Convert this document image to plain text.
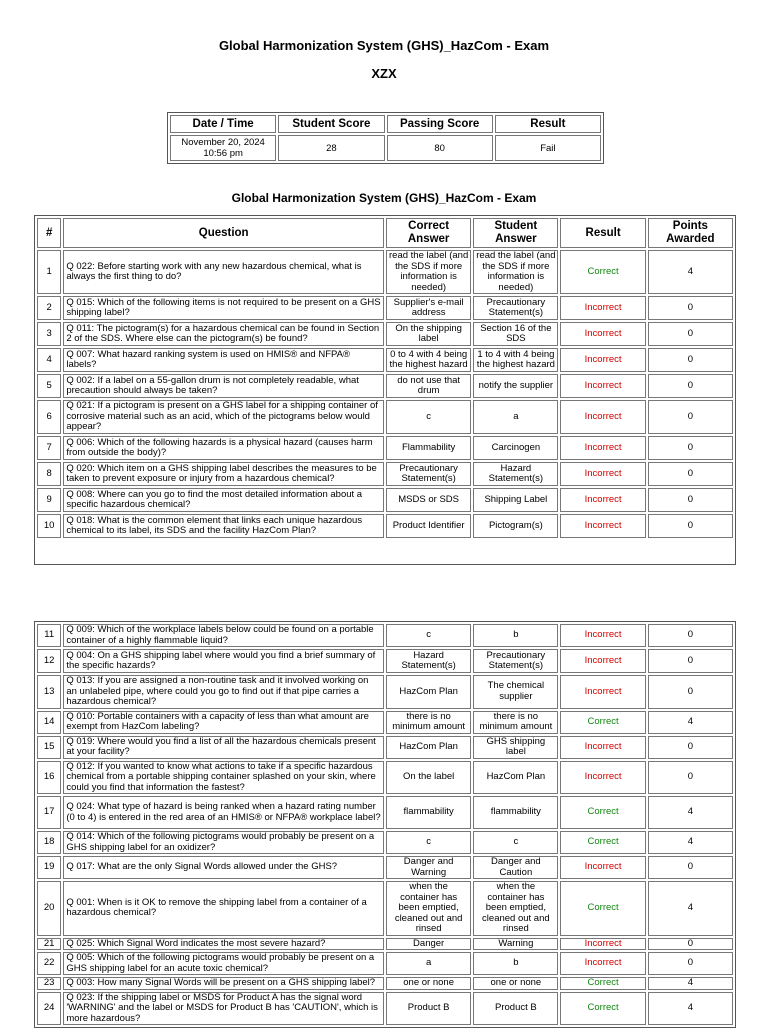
Global Harmonization System (GHS)_HazCom - Exam
XZX
Date / Time	Student Score	Passing Score	Result
November 20, 2024 10:56 pm	28	80	Fail
Global Harmonization System (GHS)_HazCom - Exam
#	Question	Correct Answer	Student Answer	Result	Points Awarded
1	Q 022: Before starting work with any new hazardous chemical, what is always the first thing to do?	read the label (and the SDS if more information is needed)	read the label (and the SDS if more information is needed)	Correct	4
2	Q 015: Which of the following items is not required to be present on a GHS shipping label?	Supplier's e-mail address	Precautionary Statement(s)	Incorrect	0
3	Q 011: The pictogram(s) for a hazardous chemical can be found in Section 2 of the SDS. Where else can the pictogram(s) be found?	On the shipping label	Section 16 of the SDS	Incorrect	0
4	Q 007: What hazard ranking system is used on HMIS® and NFPA® labels?	0 to 4 with 4 being the highest hazard	1 to 4 with 4 being the highest hazard	Incorrect	0
5	Q 002: If a label on a 55-gallon drum is not completely readable, what precaution should always be taken?	do not use that drum	notify the supplier	Incorrect	0
6	Q 021: If a pictogram is present on a GHS label for a shipping container of corrosive material such as an acid, which of the pictograms below would appear?	c	a	Incorrect	0
7	Q 006: Which of the following hazards is a physical hazard (causes harm from outside the body)?	Flammability	Carcinogen	Incorrect	0
8	Q 020: Which item on a GHS shipping label describes the measures to be taken to prevent exposure or injury from a hazardous chemical?	Precautionary Statement(s)	Hazard Statement(s)	Incorrect	0
9	Q 008: Where can you go to find the most detailed information about a specific hazardous chemical?	MSDS or SDS	Shipping Label	Incorrect	0
10	Q 018: What is the common element that links each unique hazardous chemical to its label, its SDS and the facility HazCom Plan?	Product Identifier	Pictogram(s)	Incorrect	0

11	Q 009: Which of the workplace labels below could be found on a portable container of a highly flammable liquid?	c	b	Incorrect	0
12	Q 004: On a GHS shipping label where would you find a brief summary of the specific hazards?	Hazard Statement(s)	Precautionary Statement(s)	Incorrect	0
13	Q 013: If you are assigned a non-routine task and it involved working on an unlabeled pipe, where could you go to find out if that pipe carries a hazardous chemical?	HazCom Plan	The chemical supplier	Incorrect	0
14	Q 010: Portable containers with a capacity of less than what amount are exempt from HazCom labeling?	there is no minimum amount	there is no minimum amount	Correct	4
15	Q 019: Where would you find a list of all the hazardous chemicals present at your facility?	HazCom Plan	GHS shipping label	Incorrect	0
16	Q 012: If you wanted to know what actions to take if a specific hazardous chemical from a portable shipping container splashed on your skin, where could you find that information the fastest?	On the label	HazCom Plan	Incorrect	0
17	Q 024: What type of hazard is being ranked when a hazard rating number (0 to 4) is entered in the red area of an HMIS® or NFPA® workplace label?	flammability	flammability	Correct	4
18	Q 014: Which of the following pictograms would probably be present on a GHS shipping label for an oxidizer?	c	c	Correct	4
19	Q 017: What are the only Signal Words allowed under the GHS?	Danger and Warning	Danger and Caution	Incorrect	0
20	Q 001: When is it OK to remove the shipping label from a container of a hazardous chemical?	when the container has been emptied, cleaned out and rinsed	when the container has been emptied, cleaned out and rinsed	Correct	4
21	Q 025: Which Signal Word indicates the most severe hazard?	Danger	Warning	Incorrect	0
22	Q 005: Which of the following pictograms would probably be present on a GHS shipping label for an acute toxic chemical?	a	b	Incorrect	0
23	Q 003: How many Signal Words will be present on a GHS shipping label?	one or none	one or none	Correct	4
24	Q 023: If the shipping label or MSDS for Product A has the signal word 'WARNING' and the label or MSDS for Product B has 'CAUTION', which is more hazardous?	Product B	Product B	Correct	4
